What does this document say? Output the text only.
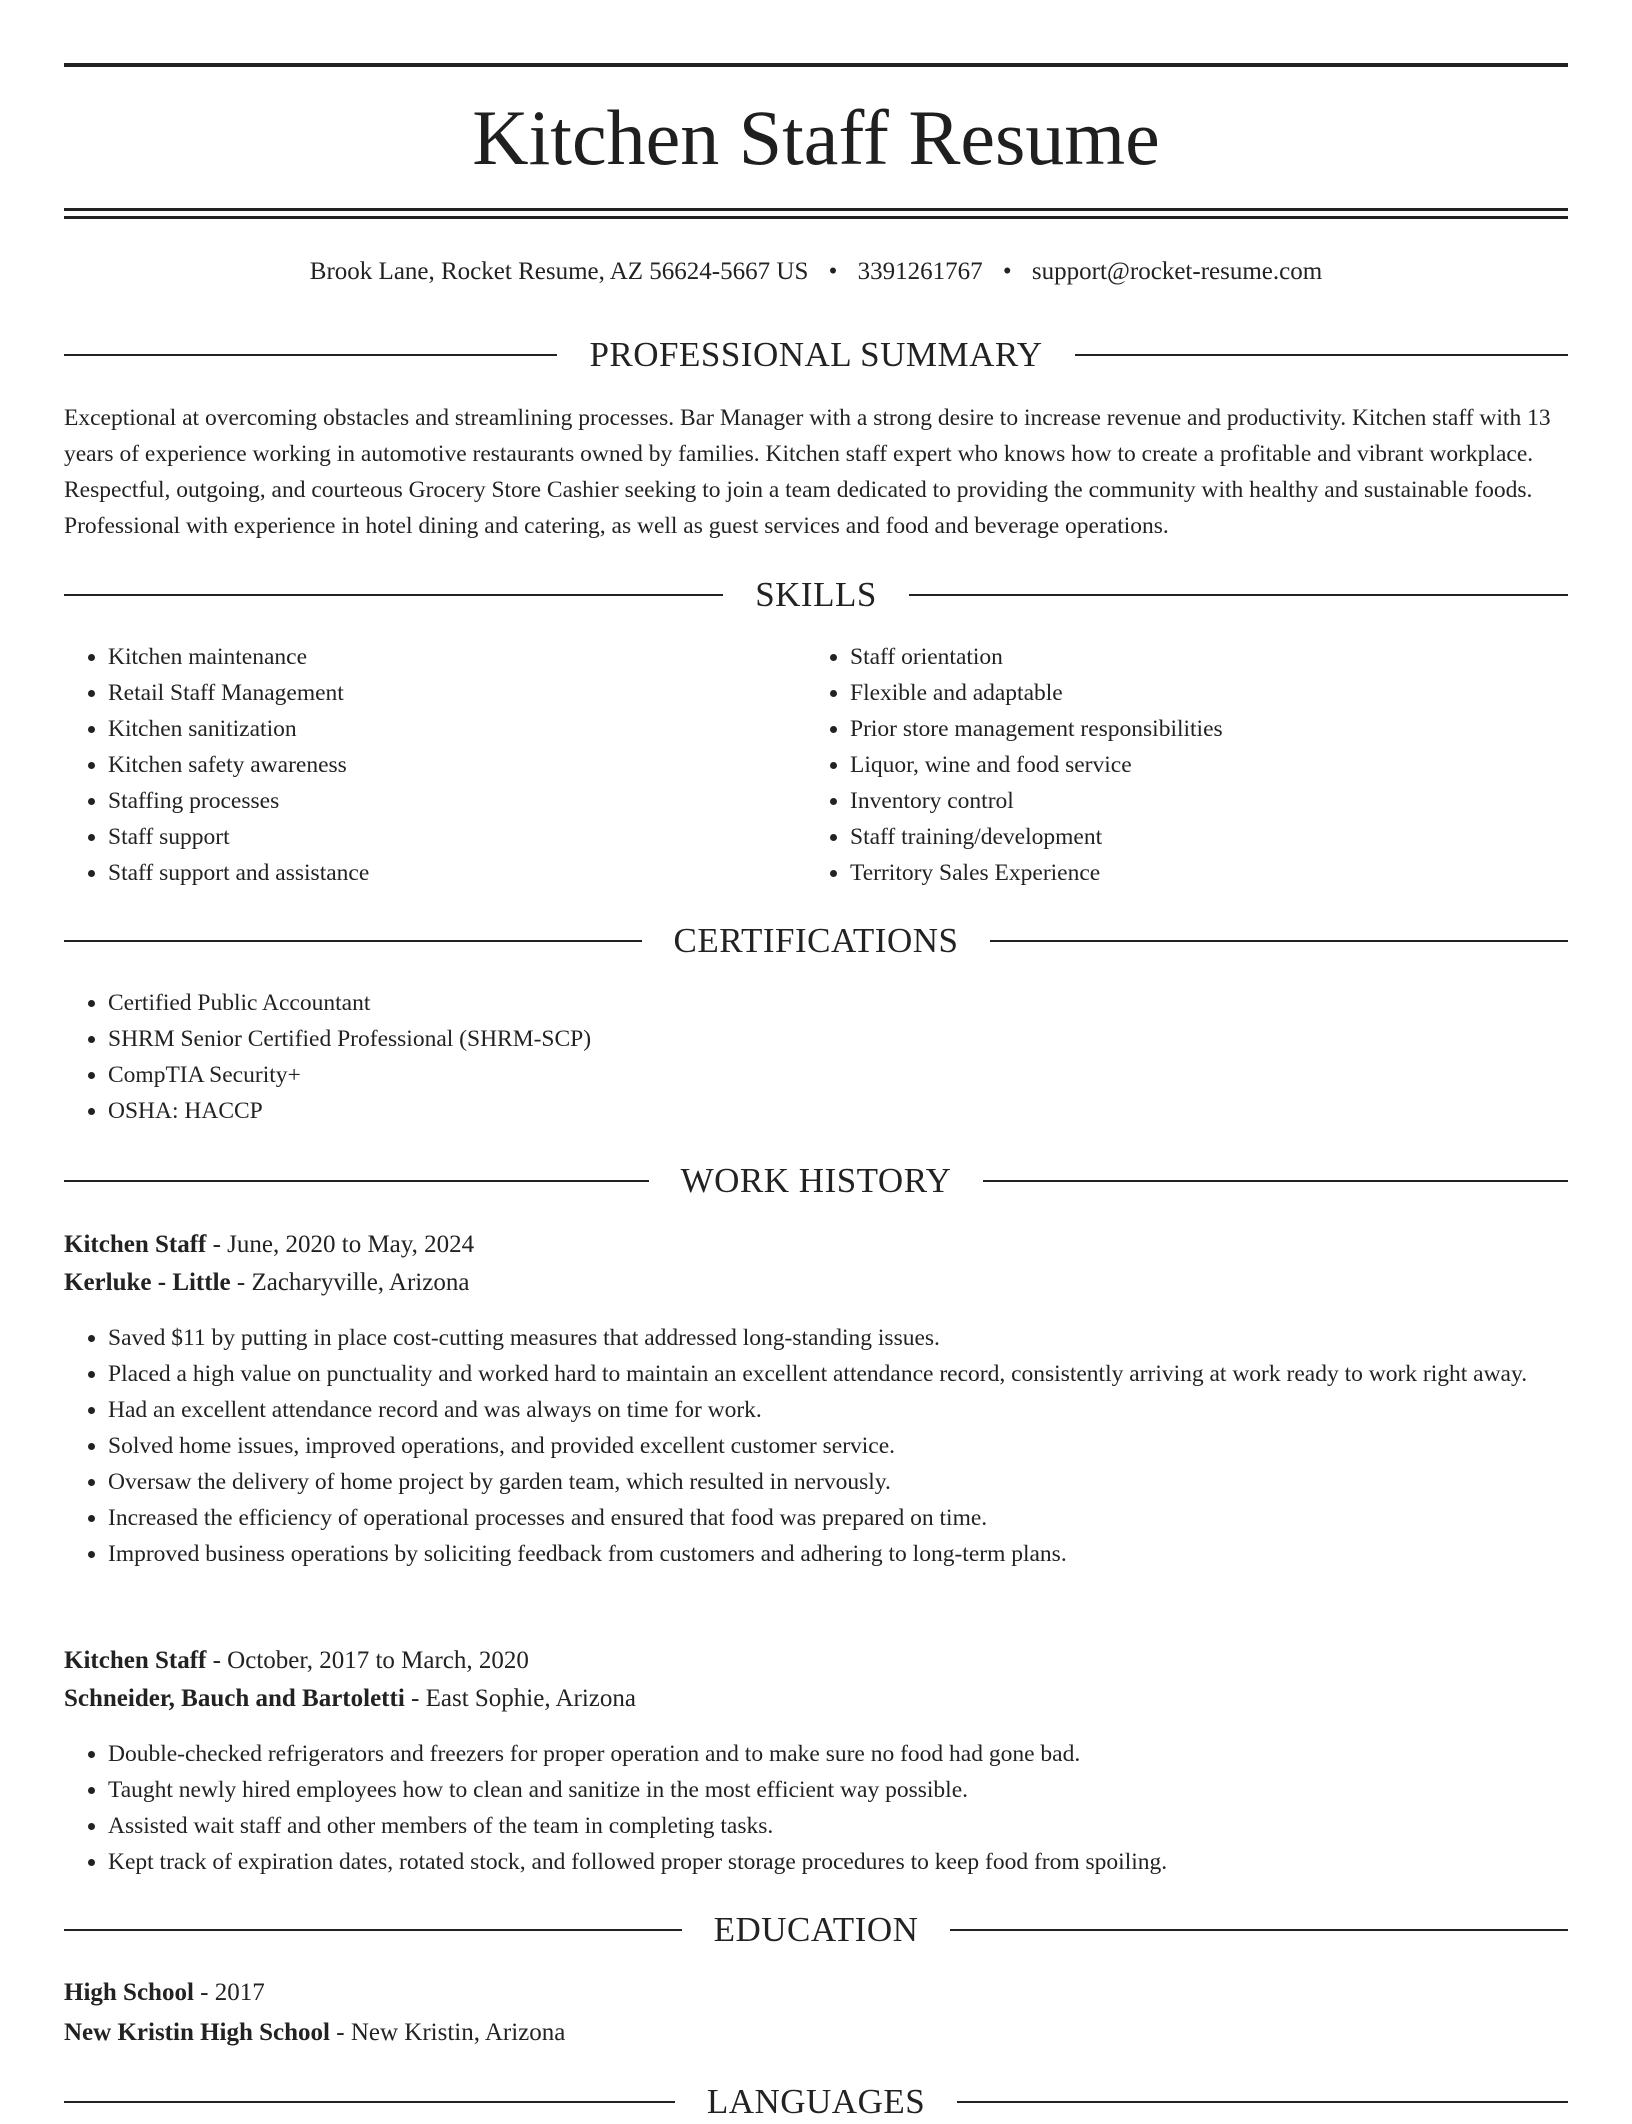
Kitchen Staff Resume
Brook Lane, Rocket Resume, AZ 56624-5667 US • 3391261767 • support@rocket-resume.com
PROFESSIONAL SUMMARY

Exceptional at overcoming obstacles and streamlining processes. Bar Manager with a strong desire to increase revenue and productivity. Kitchen staff with 13 years of experience working in automotive restaurants owned by families. Kitchen staff expert who knows how to create a profitable and vibrant workplace. Respectful, outgoing, and courteous Grocery Store Cashier seeking to join a team dedicated to providing the community with healthy and sustainable foods. Professional with experience in hotel dining and catering, as well as guest services and food and beverage operations.

SKILLS
• Kitchen maintenance
• Retail Staff Management
• Kitchen sanitization
• Kitchen safety awareness
• Staffing processes
• Staff support
• Staff support and assistance
• Staff orientation
• Flexible and adaptable
• Prior store management responsibilities
• Liquor, wine and food service
• Inventory control
• Staff training/development
• Territory Sales Experience
CERTIFICATIONS
• Certified Public Accountant
• SHRM Senior Certified Professional (SHRM-SCP)
• CompTIA Security+
• OSHA: HACCP
WORK HISTORY
Kitchen Staff - June, 2020 to May, 2024
Kerluke - Little - Zacharyville, Arizona
• Saved $11 by putting in place cost-cutting measures that addressed long-standing issues.
• Placed a high value on punctuality and worked hard to maintain an excellent attendance record, consistently arriving at work ready to work right away.
• Had an excellent attendance record and was always on time for work.
• Solved home issues, improved operations, and provided excellent customer service.
• Oversaw the delivery of home project by garden team, which resulted in nervously.
• Increased the efficiency of operational processes and ensured that food was prepared on time.
• Improved business operations by soliciting feedback from customers and adhering to long-term plans.
Kitchen Staff - October, 2017 to March, 2020
Schneider, Bauch and Bartoletti - East Sophie, Arizona
• Double-checked refrigerators and freezers for proper operation and to make sure no food had gone bad.
• Taught newly hired employees how to clean and sanitize in the most efficient way possible.
• Assisted wait staff and other members of the team in completing tasks.
• Kept track of expiration dates, rotated stock, and followed proper storage procedures to keep food from spoiling.
EDUCATION
High School - 2017
New Kristin High School - New Kristin, Arizona
LANGUAGES
